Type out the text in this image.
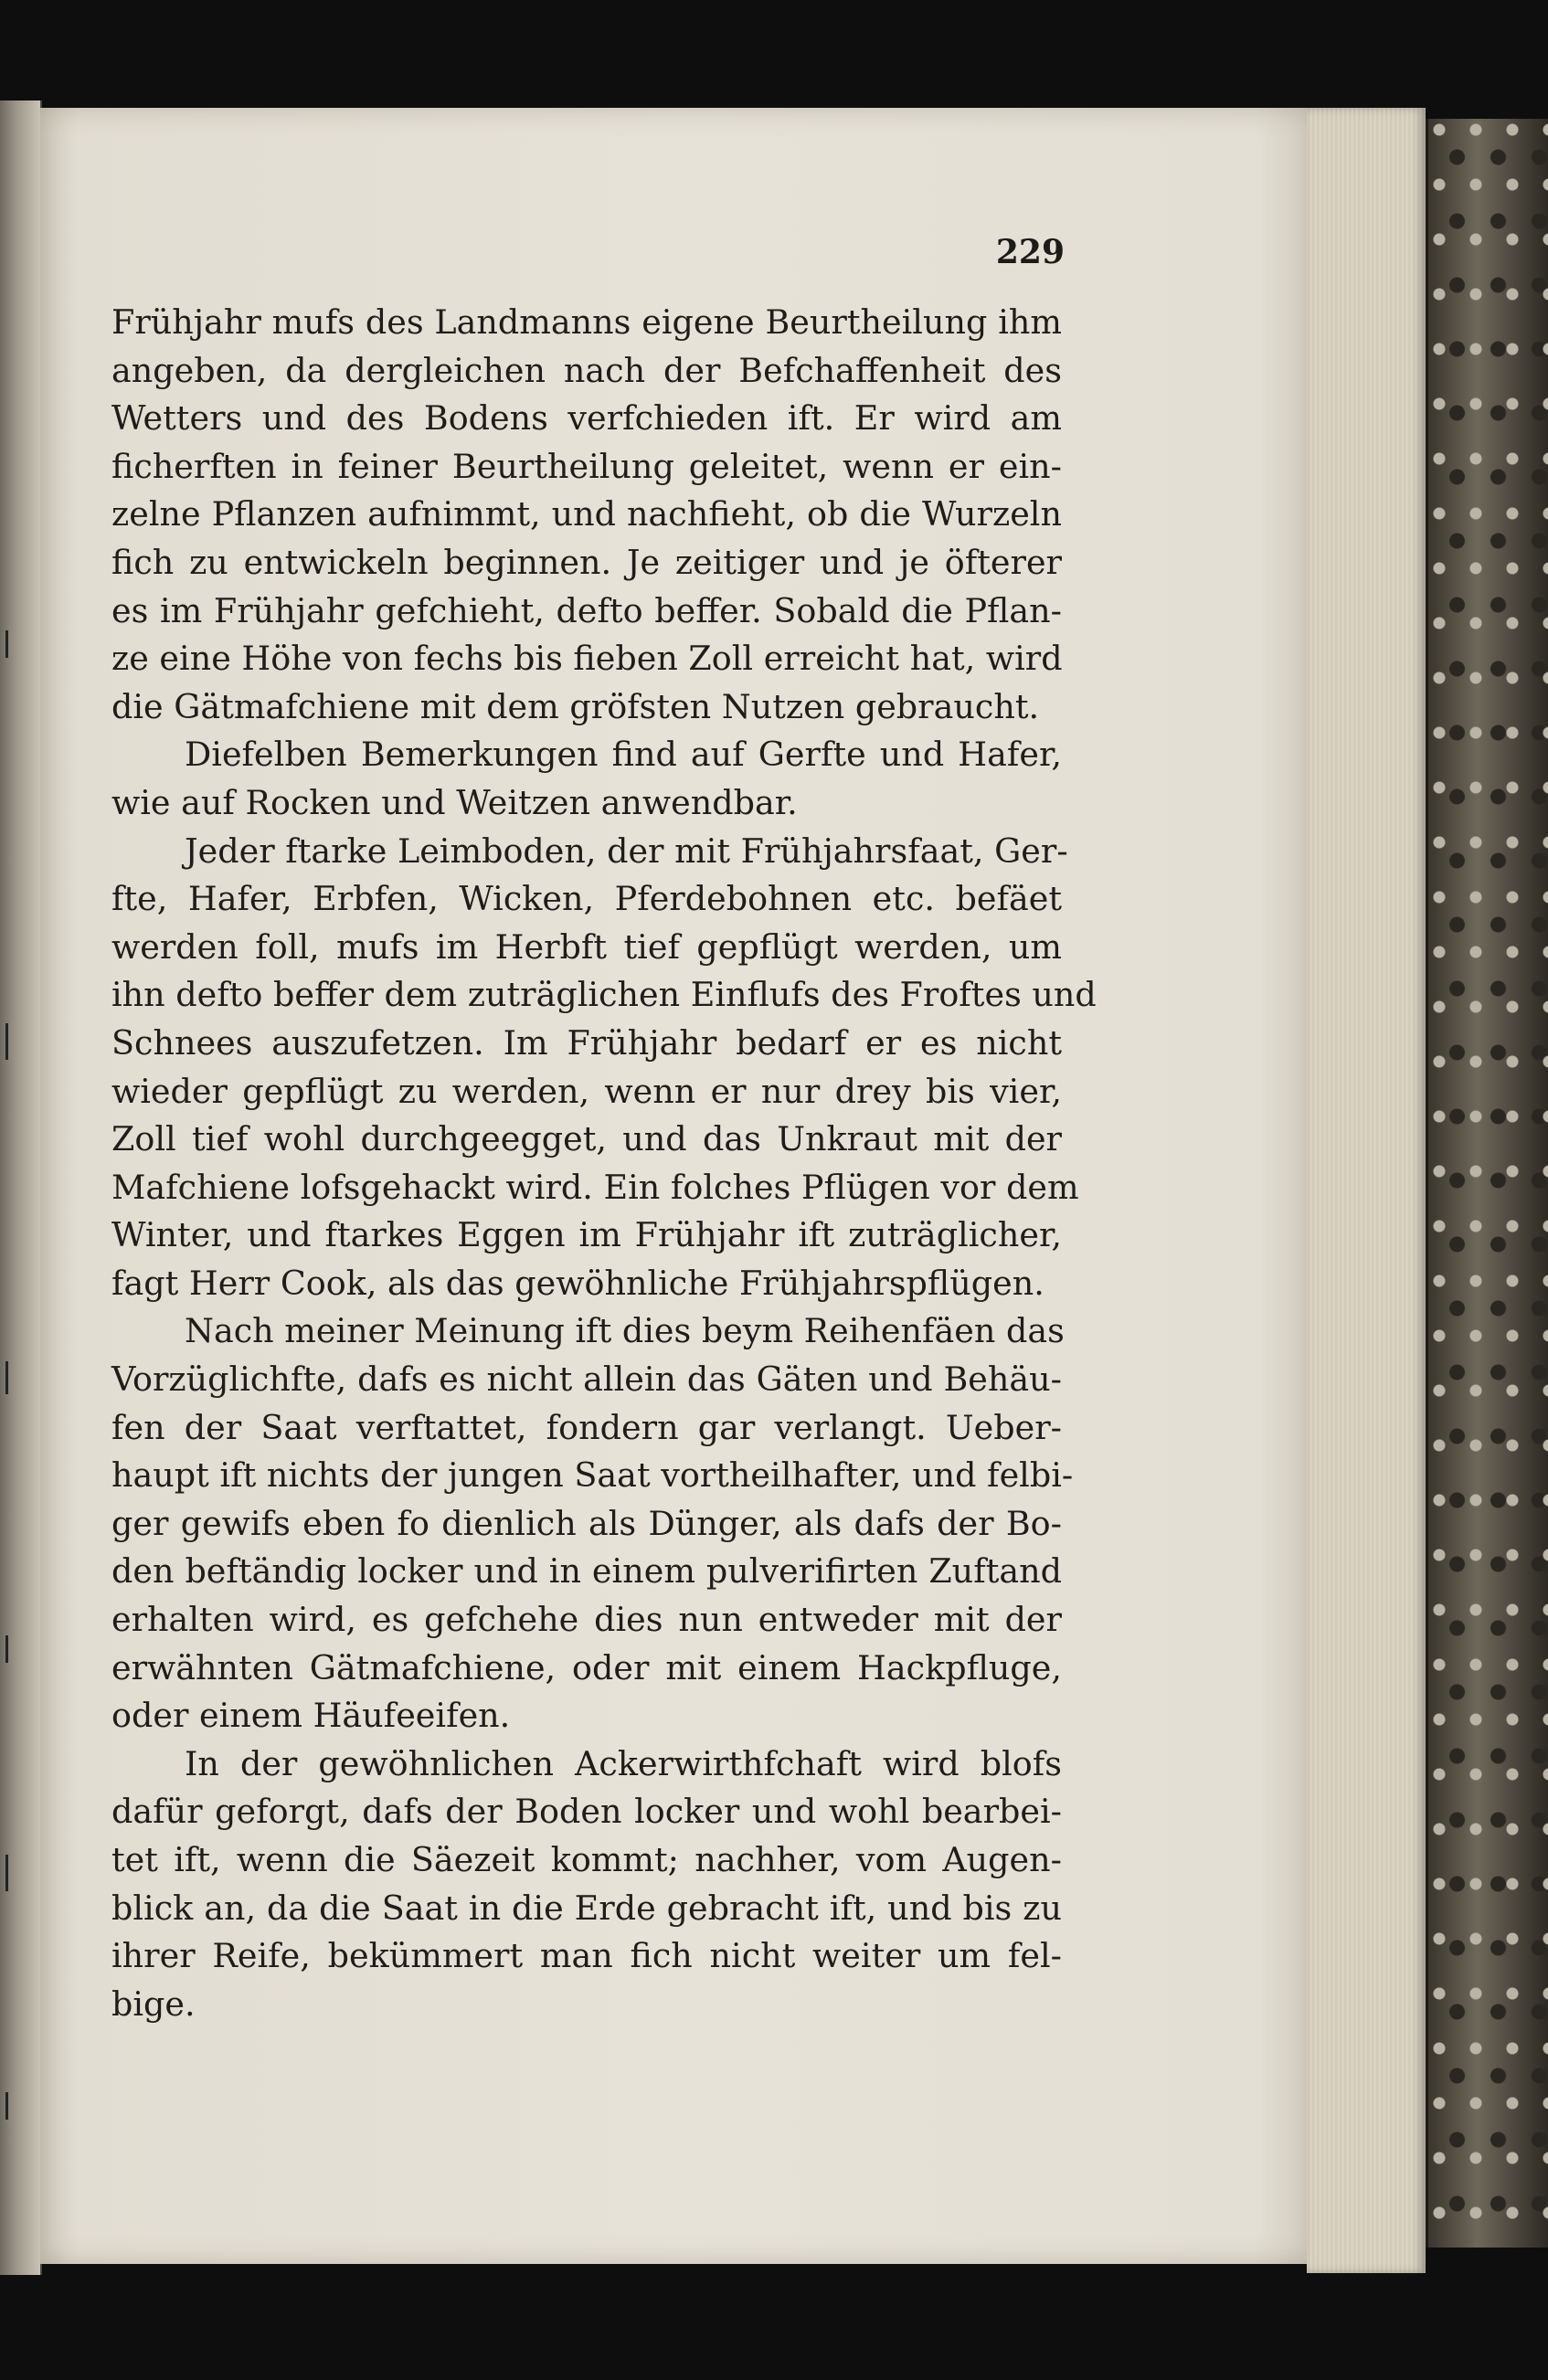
229
Frühjahr mufs des Landmanns eigene Beurtheilung ihm
angeben, da dergleichen nach der Befchaffenheit des
Wetters und des Bodens verfchieden ift. Er wird am
ficherften in feiner Beurtheilung geleitet, wenn er ein-
zelne Pflanzen aufnimmt, und nachfieht, ob die Wurzeln
fich zu entwickeln beginnen. Je zeitiger und je öfterer
es im Frühjahr gefchieht, defto beffer. Sobald die Pflan-
ze eine Höhe von fechs bis fieben Zoll erreicht hat, wird
die Gätmafchiene mit dem gröfsten Nutzen gebraucht.
Diefelben Bemerkungen find auf Gerfte und Hafer,
wie auf Rocken und Weitzen anwendbar.
Jeder ftarke Leimboden, der mit Frühjahrsfaat, Ger-
fte, Hafer, Erbfen, Wicken, Pferdebohnen etc. befäet
werden foll, mufs im Herbft tief gepflügt werden, um
ihn defto beffer dem zuträglichen Einflufs des Froftes und
Schnees auszufetzen. Im Frühjahr bedarf er es nicht
wieder gepflügt zu werden, wenn er nur drey bis vier,
Zoll tief wohl durchgeegget, und das Unkraut mit der
Mafchiene lofsgehackt wird. Ein folches Pflügen vor dem
Winter, und ftarkes Eggen im Frühjahr ift zuträglicher,
fagt Herr Cook, als das gewöhnliche Frühjahrspflügen.
Nach meiner Meinung ift dies beym Reihenfäen das
Vorzüglichfte, dafs es nicht allein das Gäten und Behäu-
fen der Saat verftattet, fondern gar verlangt. Ueber-
haupt ift nichts der jungen Saat vortheilhafter, und felbi-
ger gewifs eben fo dienlich als Dünger, als dafs der Bo-
den beftändig locker und in einem pulverifirten Zuftand
erhalten wird, es gefchehe dies nun entweder mit der
erwähnten Gätmafchiene, oder mit einem Hackpfluge,
oder einem Häufeeifen.
In der gewöhnlichen Ackerwirthfchaft wird blofs
dafür geforgt, dafs der Boden locker und wohl bearbei-
tet ift, wenn die Säezeit kommt; nachher, vom Augen-
blick an, da die Saat in die Erde gebracht ift, und bis zu
ihrer Reife, bekümmert man fich nicht weiter um fel-
bige.
